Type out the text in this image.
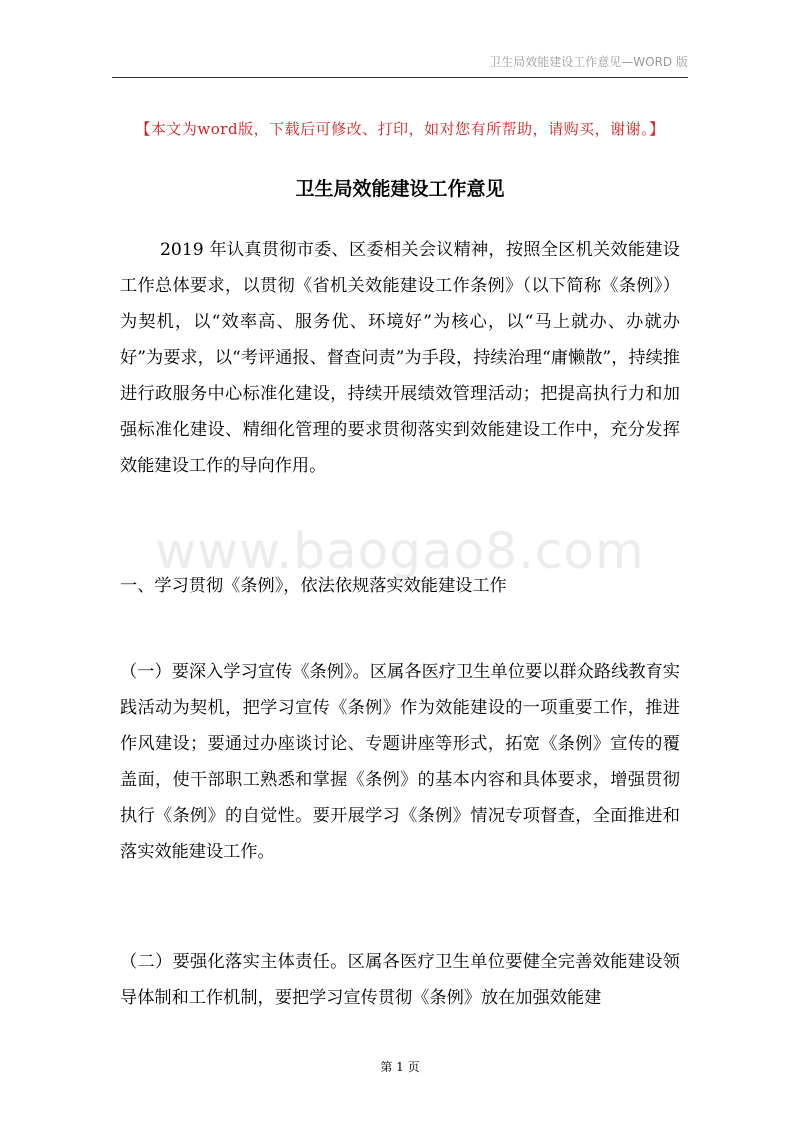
卫生局效能建设工作意见—WORD 版
【本文为word版，下载后可修改、打印，如对您有所帮助，请购买，谢谢。】
卫生局效能建设工作意见
2019 年认真贯彻市委、区委相关会议精神，按照全区机关效能建设工作总体要求，以贯彻《省机关效能建设工作条例》（以下简称《条例》）为契机，以“效率高、服务优、环境好”为核心，以“马上就办、办就办好”为要求，以“考评通报、督查问责”为手段，持续治理“庸懒散”，持续推进行政服务中心标准化建设，持续开展绩效管理活动；把提高执行力和加强标准化建设、精细化管理的要求贯彻落实到效能建设工作中，充分发挥效能建设工作的导向作用。
www.baogao8.com
一、学习贯彻《条例》，依法依规落实效能建设工作
（一）要深入学习宣传《条例》。区属各医疗卫生单位要以群众路线教育实践活动为契机，把学习宣传《条例》作为效能建设的一项重要工作，推进作风建设；要通过办座谈讨论、专题讲座等形式，拓宽《条例》宣传的覆盖面，使干部职工熟悉和掌握《条例》的基本内容和具体要求，增强贯彻执行《条例》的自觉性。要开展学习《条例》情况专项督查，全面推进和落实效能建设工作。
（二）要强化落实主体责任。区属各医疗卫生单位要健全完善效能建设领导体制和工作机制，要把学习宣传贯彻《条例》放在加强效能建
第 1 页
